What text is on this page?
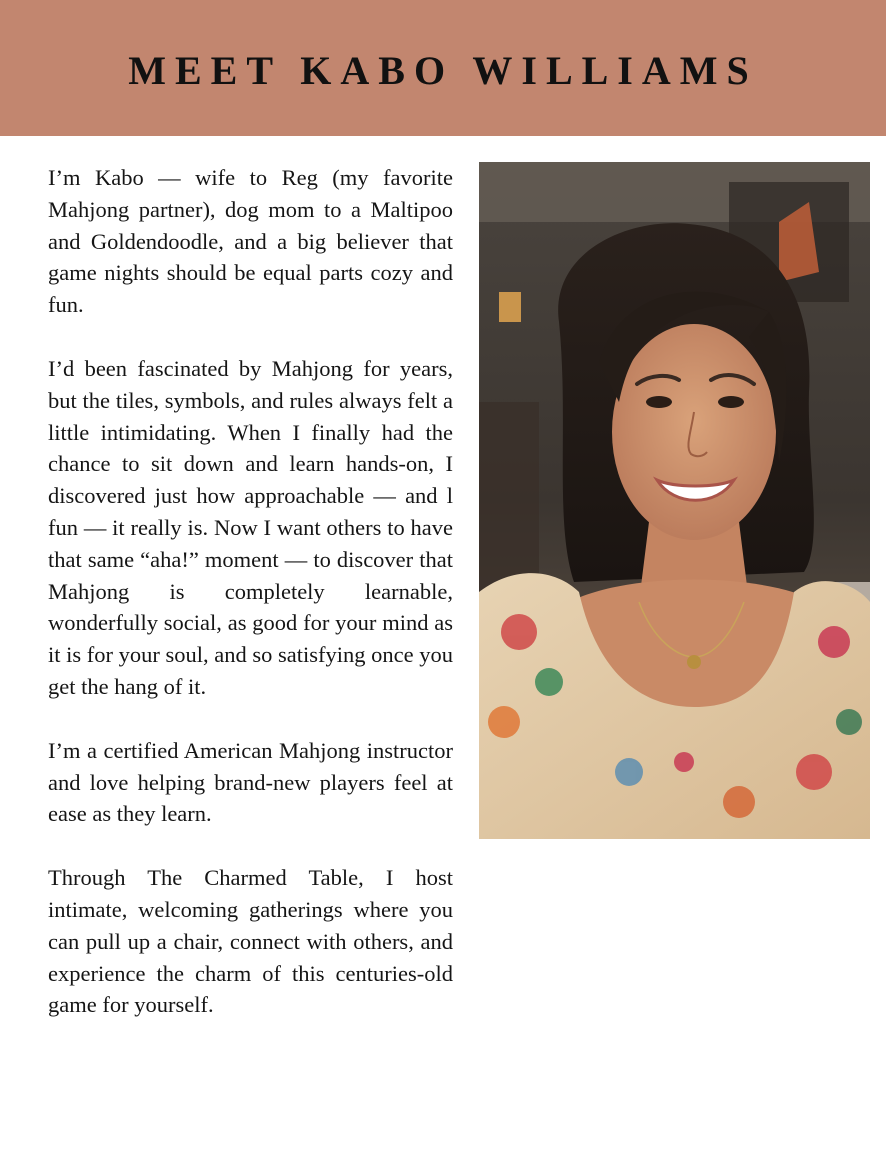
MEET KABO WILLIAMS

I’m Kabo — wife to Reg (my favorite Mahjong partner), dog mom to a Maltipoo and Goldendoodle, and a big believer that game nights should be equal parts cozy and fun.

I’d been fascinated by Mahjong for years, but the tiles, symbols, and rules always felt a little intimidating. When I finally had the chance to sit down and learn hands-on, I discovered just how approachable — and l fun — it really is. Now I want others to have that same “aha!” moment — to discover that Mahjong is completely learnable, wonderfully social, as good for your mind as it is for your soul, and so satisfying once you get the hang of it.

I’m a certified American Mahjong instructor and love helping brand-new players feel at ease as they learn.

Through The Charmed Table, I host intimate, welcoming gatherings where you can pull up a chair, connect with others, and experience the charm of this centuries-old game for yourself.
